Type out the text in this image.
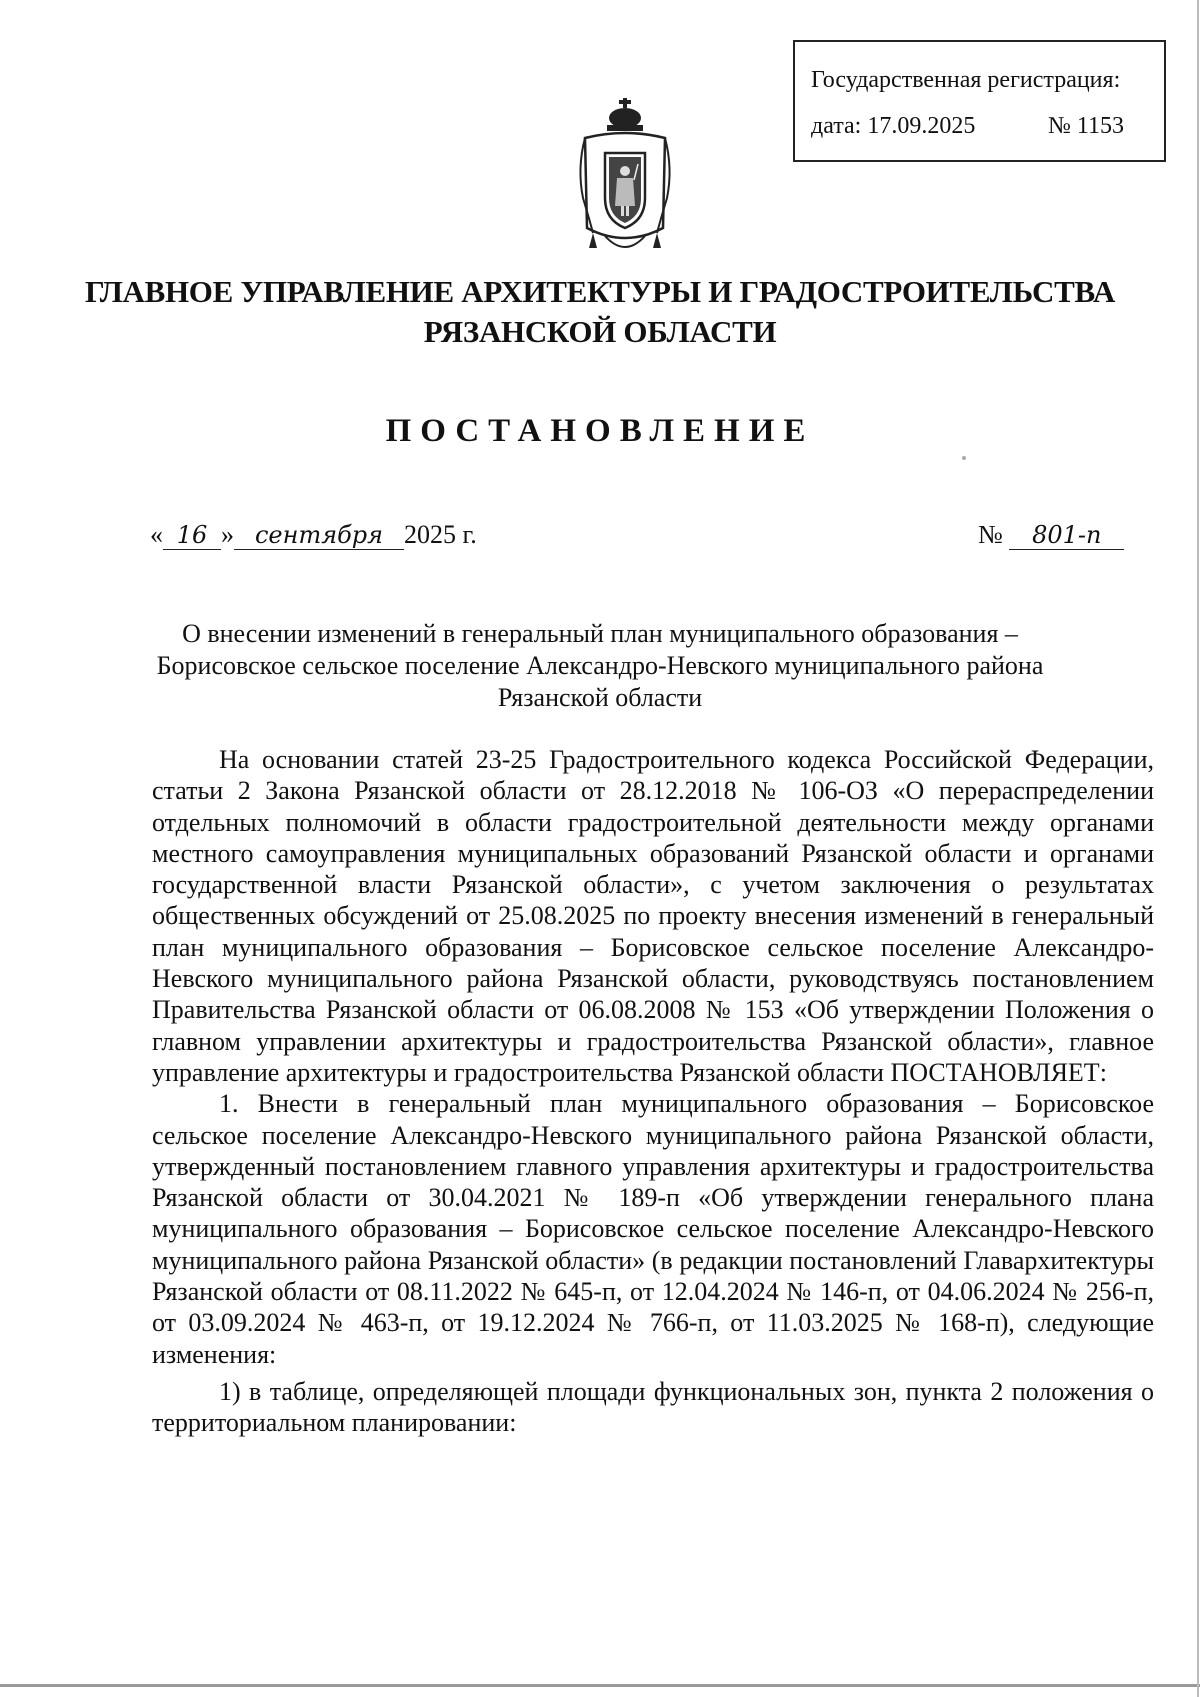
Государственная регистрация:
дата: 17.09.2025	№ 1153
ГЛАВНОЕ УПРАВЛЕНИЕ АРХИТЕКТУРЫ И ГРАДОСТРОИТЕЛЬСТВА
РЯЗАНСКОЙ ОБЛАСТИ
ПОСТАНОВЛЕНИЕ
« 16 » сентября 2025 г.	№ 801-п
О внесении изменений в генеральный план муниципального образования –
Борисовское сельское поселение Александро-Невского муниципального района
Рязанской области

На основании статей 23-25 Градостроительного кодекса Российской Федерации, статьи 2 Закона Рязанской области от 28.12.2018 № 106-ОЗ «О перераспределении отдельных полномочий в области градостроительной деятельности между органами местного самоуправления муниципальных образований Рязанской области и органами государственной власти Рязанской области», с учетом заключения о результатах общественных обсуждений от 25.08.2025 по проекту внесения изменений в генеральный план муниципального образования – Борисовское сельское поселение Александро-Невского муниципального района Рязанской области, руководствуясь постановлением Правительства Рязанской области от 06.08.2008 № 153 «Об утверждении Положения о главном управлении архитектуры и градостроительства Рязанской области», главное управление архитектуры и градостроительства Рязанской области ПОСТАНОВЛЯЕТ:

1. Внести в генеральный план муниципального образования – Борисовское сельское поселение Александро-Невского муниципального района Рязанской области, утвержденный постановлением главного управления архитектуры и градостроительства Рязанской области от 30.04.2021 № 189-п «Об утверждении генерального плана муниципального образования – Борисовское сельское поселение Александро-Невского муниципального района Рязанской области» (в редакции постановлений Главархитектуры Рязанской области от 08.11.2022 № 645-п, от 12.04.2024 № 146-п, от 04.06.2024 № 256-п, от 03.09.2024 № 463-п, от 19.12.2024 № 766-п, от 11.03.2025 № 168-п), следующие изменения:

1) в таблице, определяющей площади функциональных зон, пункта 2 положения о территориальном планировании:
